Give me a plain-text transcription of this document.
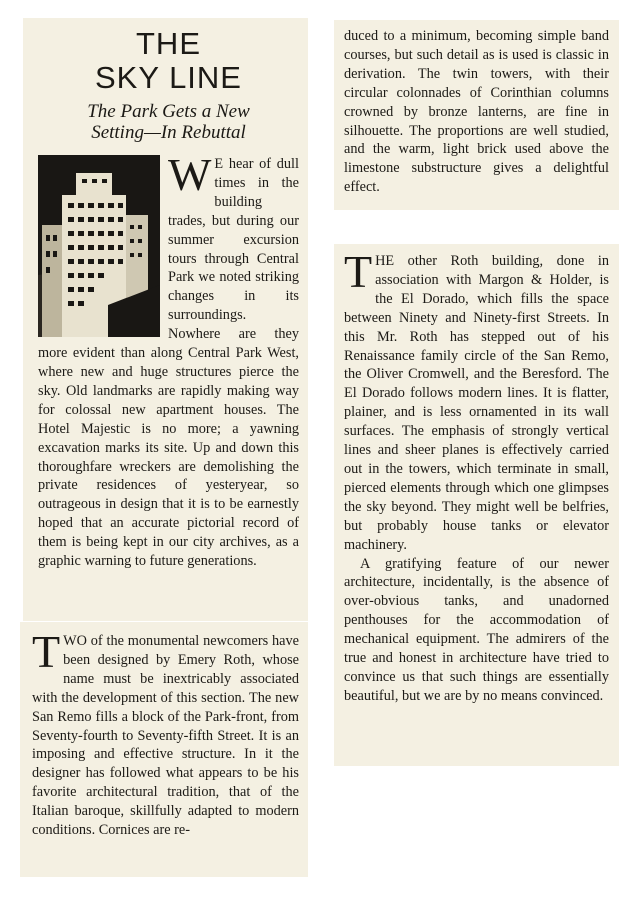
THE
SKY LINE
The Park Gets a New
Setting—In Rebuttal

W E hear of dull times in the building trades, but during our summer excursion tours through Central Park we noted striking changes in its surroundings. Nowhere are they more evident than along Central Park West, where new and huge structures pierce the sky. Old landmarks are rapidly making way for colossal new apartment houses. The Hotel Majestic is no more; a yawning excavation marks its site. Up and down this thoroughfare wreckers are demolishing the private residences of yesteryear, so outrageous in design that it is to be earnestly hoped that an accurate pictorial record of them is being kept in our city archives, as a graphic warning to future generations.

TWO of the monumental newcomers have been designed by Emery Roth, whose name must be inextricably associated with the development of this section. The new San Remo fills a block of the Park-front, from Seventy-fourth to Seventy-fifth Street. It is an imposing and effective structure. In it the designer has followed what appears to be his favorite architectural tradition, that of the Italian baroque, skillfully adapted to modern conditions. Cornices are re-

duced to a minimum, becoming simple band courses, but such detail as is used is classic in derivation. The twin towers, with their circular colonnades of Corinthian columns crowned by bronze lanterns, are fine in silhouette. The proportions are well studied, and the warm, light brick used above the limestone substructure gives a delightful effect.

THE other Roth building, done in association with Margon & Holder, is the El Dorado, which fills the space between Ninety and Ninety-first Streets. In this Mr. Roth has stepped out of his Renaissance family circle of the San Remo, the Oliver Cromwell, and the Beresford. The El Dorado follows modern lines. It is flatter, plainer, and is less ornamented in its wall surfaces. The emphasis of strongly vertical lines and sheer planes is effectively carried out in the towers, which terminate in small, pierced elements through which one glimpses the sky beyond. They might well be belfries, but probably house tanks or elevator machinery.

A gratifying feature of our newer architecture, incidentally, is the absence of over-obvious tanks, and unadorned penthouses for the accommodation of mechanical equipment. The admirers of the true and honest in architecture have tried to convince us that such things are essentially beautiful, but we are by no means convinced.
